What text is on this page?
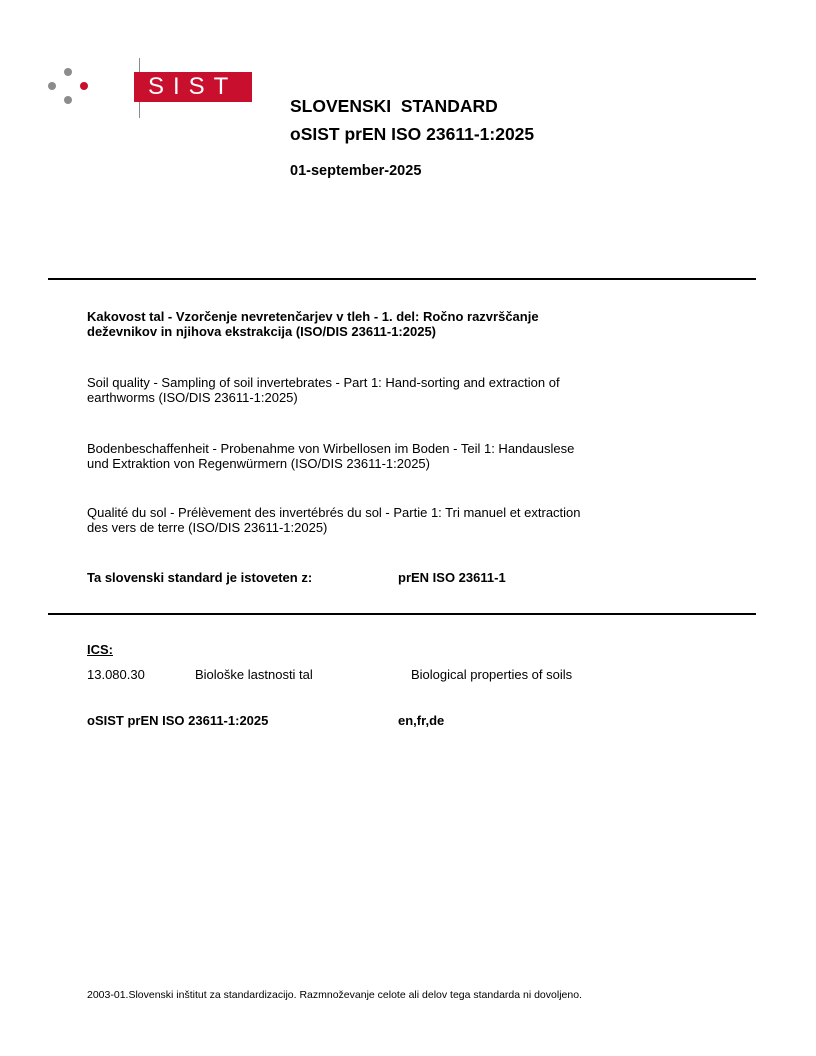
SIST
SLOVENSKI  STANDARD
oSIST prEN ISO 23611-1:2025
01-september-2025
Kakovost tal - Vzorčenje nevretenčarjev v tleh - 1. del: Ročno razvrščanje
deževnikov in njihova ekstrakcija (ISO/DIS 23611-1:2025)
Soil quality - Sampling of soil invertebrates - Part 1: Hand-sorting and extraction of
earthworms (ISO/DIS 23611-1:2025)
Bodenbeschaffenheit - Probenahme von Wirbellosen im Boden - Teil 1: Handauslese
und Extraktion von Regenwürmern (ISO/DIS 23611-1:2025)
Qualité du sol - Prélèvement des invertébrés du sol - Partie 1: Tri manuel et extraction
des vers de terre (ISO/DIS 23611-1:2025)
Ta slovenski standard je istoveten z:	prEN ISO 23611-1
ICS:
13.080.30	Biološke lastnosti tal	Biological properties of soils
oSIST prEN ISO 23611-1:2025	en,fr,de
2003-01.Slovenski inštitut za standardizacijo. Razmnoževanje celote ali delov tega standarda ni dovoljeno.
